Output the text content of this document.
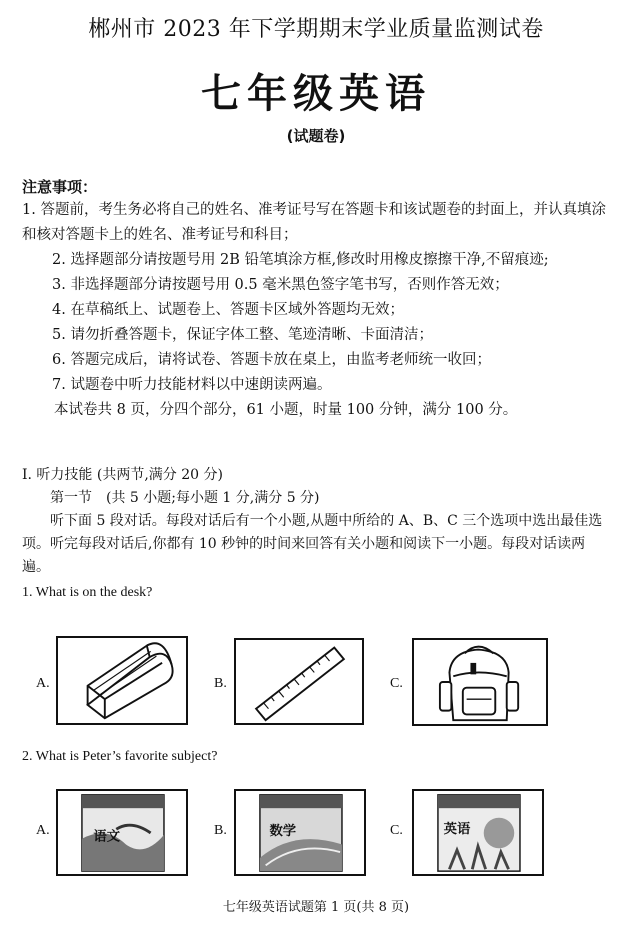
郴州市 2023 年下学期期末学业质量监测试卷
七年级英语
(试题卷)
注意事项：

1. 答题前，考生务必将自己的姓名、准考证号写在答题卡和该试题卷的封面上，并认真填涂和核对答题卡上的姓名、准考证号和科目；

2. 选择题部分请按题号用 2B 铅笔填涂方框,修改时用橡皮擦擦干净,不留痕迹;

3. 非选择题部分请按题号用 0.5 毫米黑色签字笔书写，否则作答无效；

4. 在草稿纸上、试题卷上、答题卡区域外答题均无效；

5. 请勿折叠答题卡，保证字体工整、笔迹清晰、卡面清洁；

6. 答题完成后，请将试卷、答题卡放在桌上，由监考老师统一收回；

7. 试题卷中听力技能材料以中速朗读两遍。

本试卷共 8 页，分四个部分，61 小题，时量 100 分钟，满分 100 分。

Ⅰ. 听力技能 (共两节,满分 20 分)

第一节　(共 5 小题;每小题 1 分,满分 5 分)

听下面 5 段对话。每段对话后有一个小题,从题中所给的 A、B、C 三个选项中选出最佳选项。听完每段对话后,你都有 10 秒钟的时间来回答有关小题和阅读下一小题。每段对话读两遍。

1. What is on the desk?

A.	B.	C.
2. What is Peter’s favorite subject?
A.	语文	B.	数学	C.	英语
七年级英语试题第 1 页(共 8 页)
